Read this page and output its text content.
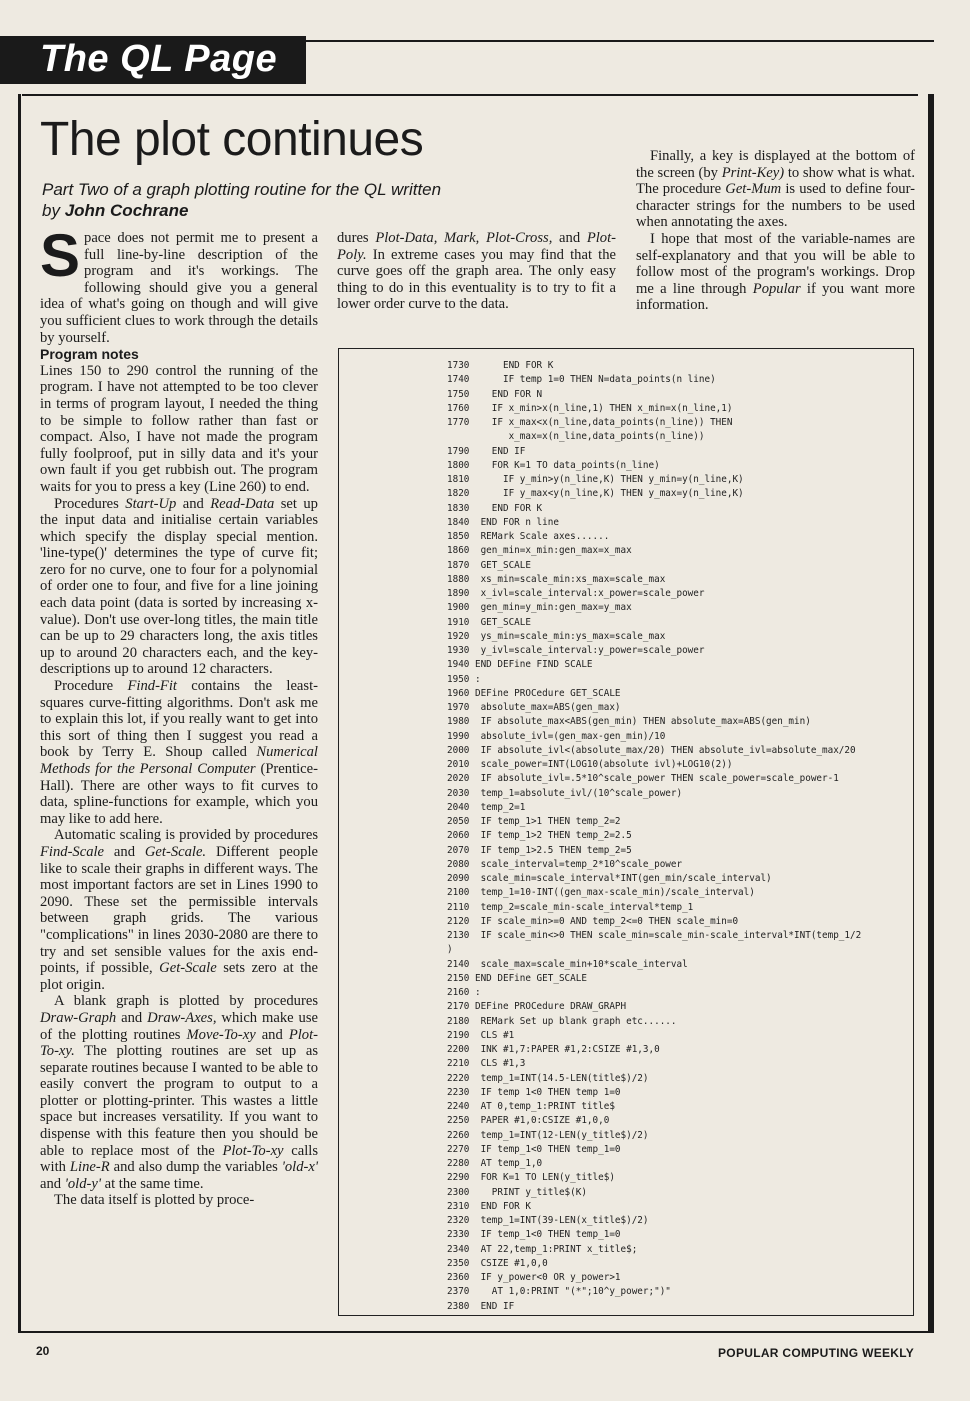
The QL Page
The plot continues
Part Two of a graph plotting routine for the QL written
by John Cochrane

Space does not permit me to present a full line-by-line description of the program and it's workings. The following should give you a general idea of what's going on though and will give you sufficient clues to work through the details by yourself.

Program notes

Lines 150 to 290 control the running of the program. I have not attempted to be too clever in terms of program layout, I needed the thing to be simple to follow rather than fast or compact. Also, I have not made the program fully foolproof, put in silly data and it's your own fault if you get rubbish out. The program waits for you to press a key (Line 260) to end.

Procedures Start-Up and Read-Data set up the input data and initialise certain variables which specify the display special mention. 'line-type()' determines the type of curve fit; zero for no curve, one to four for a polynomial of order one to four, and five for a line joining each data point (data is sorted by increasing x-value). Don't use over-long titles, the main title can be up to 29 characters long, the axis titles up to around 20 characters each, and the key-descriptions up to around 12 characters.

Procedure Find-Fit contains the least-squares curve-fitting algorithms. Don't ask me to explain this lot, if you really want to get into this sort of thing then I suggest you read a book by Terry E. Shoup called Numerical Methods for the Personal Computer (Prentice-Hall). There are other ways to fit curves to data, spline-functions for example, which you may like to add here.

Automatic scaling is provided by procedures Find-Scale and Get-Scale. Different people like to scale their graphs in different ways. The most important factors are set in Lines 1990 to 2090. These set the permissible intervals between graph grids. The various "complications" in lines 2030-2080 are there to try and set sensible values for the axis end-points, if possible, Get-Scale sets zero at the plot origin.

A blank graph is plotted by procedures Draw-Graph and Draw-Axes, which make use of the plotting routines Move-To-xy and Plot-To-xy. The plotting routines are set up as separate routines because I wanted to be able to easily convert the program to output to a plotter or plotting-printer. This wastes a little space but increases versatility. If you want to dispense with this feature then you should be able to replace most of the Plot-To-xy calls with Line-R and also dump the variables 'old-x' and 'old-y' at the same time.

The data itself is plotted by proce-

dures Plot-Data, Mark, Plot-Cross, and Plot-Poly. In extreme cases you may find that the curve goes off the graph area. The only easy thing to do in this eventuality is to try to fit a lower order curve to the data.

Finally, a key is displayed at the bottom of the screen (by Print-Key) to show what is what. The procedure Get-Mum is used to define four-character strings for the numbers to be used when annotating the axes.

I hope that most of the variable-names are self-explanatory and that you will be able to follow most of the program's workings. Drop me a line through Popular if you want more information.

1730      END FOR K
1740      IF temp 1=0 THEN N=data_points(n line)
1750    END FOR N
1760    IF x_min>x(n_line,1) THEN x_min=x(n_line,1)
1770    IF x_max<x(n_line,data_points(n_line)) THEN
x_max=x(n_line,data_points(n_line))
1790    END IF
1800    FOR K=1 TO data_points(n_line)
1810      IF y_min>y(n_line,K) THEN y_min=y(n_line,K)
1820      IF y_max<y(n_line,K) THEN y_max=y(n_line,K)
1830    END FOR K
1840  END FOR n line
1850  REMark Scale axes......
1860  gen_min=x_min:gen_max=x_max
1870  GET_SCALE
1880  xs_min=scale_min:xs_max=scale_max
1890  x_ivl=scale_interval:x_power=scale_power
1900  gen_min=y_min:gen_max=y_max
1910  GET_SCALE
1920  ys_min=scale_min:ys_max=scale_max
1930  y_ivl=scale_interval:y_power=scale_power
1940 END DEFine FIND SCALE
1950 :
1960 DEFine PROCedure GET_SCALE
1970  absolute_max=ABS(gen_max)
1980  IF absolute_max<ABS(gen_min) THEN absolute_max=ABS(gen_min)
1990  absolute_ivl=(gen_max-gen_min)/10
2000  IF absolute_ivl<(absolute_max/20) THEN absolute_ivl=absolute_max/20
2010  scale_power=INT(LOG10(absolute ivl)+LOG10(2))
2020  IF absolute_ivl=.5*10^scale_power THEN scale_power=scale_power-1
2030  temp_1=absolute_ivl/(10^scale_power)
2040  temp_2=1
2050  IF temp_1>1 THEN temp_2=2
2060  IF temp_1>2 THEN temp_2=2.5
2070  IF temp_1>2.5 THEN temp_2=5
2080  scale_interval=temp_2*10^scale_power
2090  scale_min=scale_interval*INT(gen_min/scale_interval)
2100  temp_1=10-INT((gen_max-scale_min)/scale_interval)
2110  temp_2=scale_min-scale_interval*temp_1
2120  IF scale_min>=0 AND temp_2<=0 THEN scale_min=0
2130  IF scale_min<>0 THEN scale_min=scale_min-scale_interval*INT(temp_1/2
)
2140  scale_max=scale_min+10*scale_interval
2150 END DEFine GET_SCALE
2160 :
2170 DEFine PROCedure DRAW_GRAPH
2180  REMark Set up blank graph etc......
2190  CLS #1
2200  INK #1,7:PAPER #1,2:CSIZE #1,3,0
2210  CLS #1,3
2220  temp_1=INT(14.5-LEN(title$)/2)
2230  IF temp 1<0 THEN temp 1=0
2240  AT 0,temp_1:PRINT title$
2250  PAPER #1,0:CSIZE #1,0,0
2260  temp_1=INT(12-LEN(y_title$)/2)
2270  IF temp_1<0 THEN temp_1=0
2280  AT temp_1,0
2290  FOR K=1 TO LEN(y_title$)
2300    PRINT y_title$(K)
2310  END FOR K
2320  temp_1=INT(39-LEN(x_title$)/2)
2330  IF temp_1<0 THEN temp_1=0
2340  AT 22,temp_1:PRINT x_title$;
2350  CSIZE #1,0,0
2360  IF y_power<0 OR y_power>1
2370    AT 1,0:PRINT "(*";10^y_power;")"
2380  END IF
20	POPULAR COMPUTING WEEKLY
